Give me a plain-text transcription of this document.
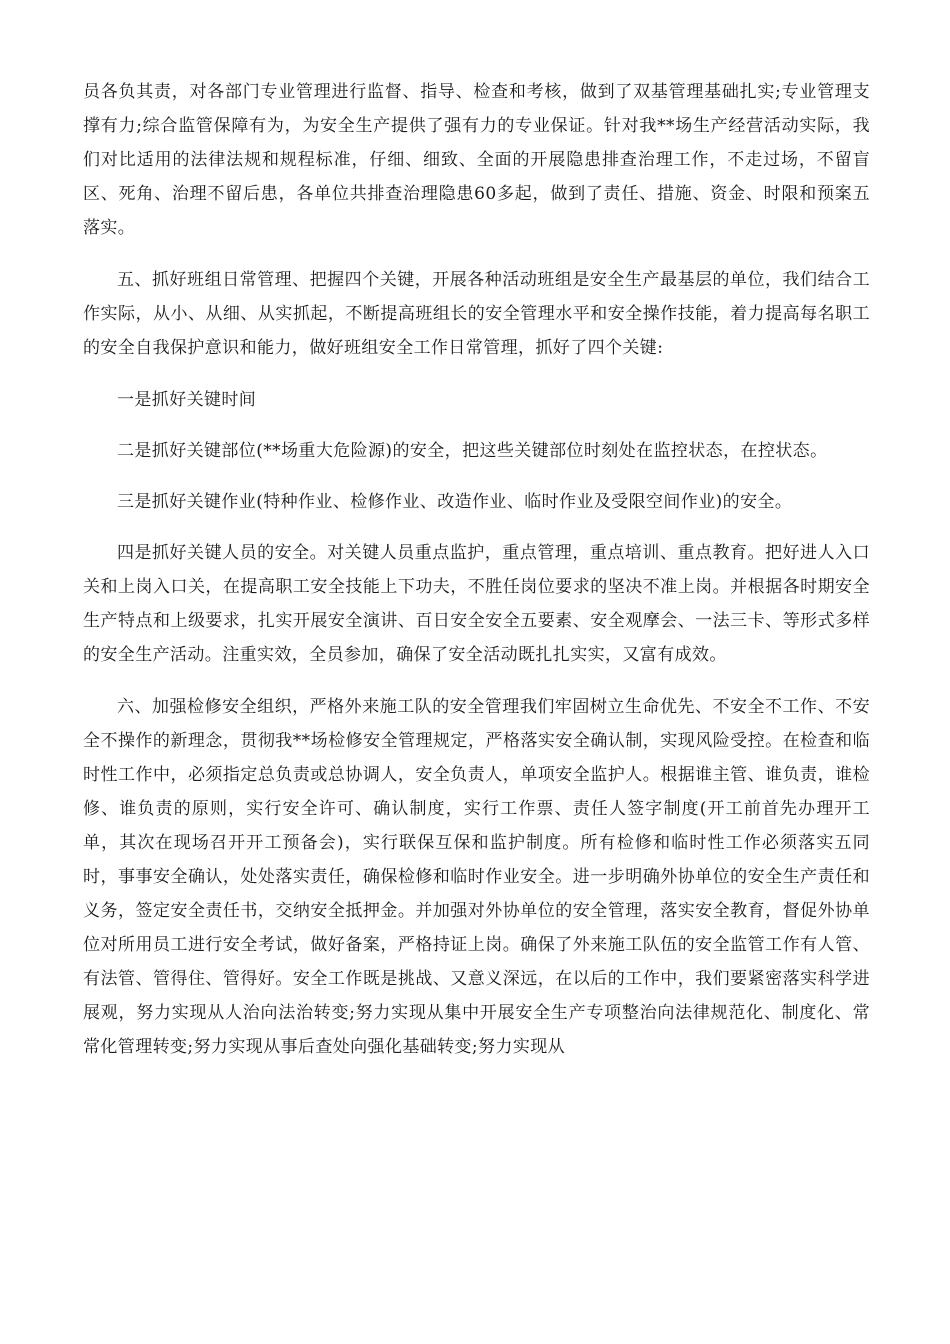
员各负其责，对各部门专业管理进行监督、指导、检查和考核，做到了双基管理基础扎实;专业管理支撑有力;综合监管保障有为，为安全生产提供了强有力的专业保证。针对我**场生产经营活动实际，我们对比适用的法律法规和规程标准，仔细、细致、全面的开展隐患排查治理工作，不走过场，不留盲区、死角、治理不留后患，各单位共排查治理隐患60多起，做到了责任、措施、资金、时限和预案五落实。

五、抓好班组日常管理、把握四个关键，开展各种活动班组是安全生产最基层的单位，我们结合工作实际，从小、从细、从实抓起，不断提高班组长的安全管理水平和安全操作技能，着力提高每名职工的安全自我保护意识和能力，做好班组安全工作日常管理，抓好了四个关键:

一是抓好关键时间

二是抓好关键部位(**场重大危险源)的安全，把这些关键部位时刻处在监控状态，在控状态。

三是抓好关键作业(特种作业、检修作业、改造作业、临时作业及受限空间作业)的安全。

四是抓好关键人员的安全。对关键人员重点监护，重点管理，重点培训、重点教育。把好进人入口关和上岗入口关，在提高职工安全技能上下功夫，不胜任岗位要求的坚决不准上岗。并根据各时期安全生产特点和上级要求，扎实开展安全演讲、百日安全安全五要素、安全观摩会、一法三卡、等形式多样的安全生产活动。注重实效，全员参加，确保了安全活动既扎扎实实，又富有成效。

六、加强检修安全组织，严格外来施工队的安全管理我们牢固树立生命优先、不安全不工作、不安全不操作的新理念，贯彻我**场检修安全管理规定，严格落实安全确认制，实现风险受控。在检查和临时性工作中，必须指定总负责或总协调人，安全负责人，单项安全监护人。根据谁主管、谁负责，谁检修、谁负责的原则，实行安全许可、确认制度，实行工作票、责任人签字制度(开工前首先办理开工单，其次在现场召开开工预备会)，实行联保互保和监护制度。所有检修和临时性工作必须落实五同时，事事安全确认，处处落实责任，确保检修和临时作业安全。进一步明确外协单位的安全生产责任和义务，签定安全责任书，交纳安全抵押金。并加强对外协单位的安全管理，落实安全教育，督促外协单位对所用员工进行安全考试，做好备案，严格持证上岗。确保了外来施工队伍的安全监管工作有人管、有法管、管得住、管得好。安全工作既是挑战、又意义深远，在以后的工作中，我们要紧密落实科学进展观，努力实现从人治向法治转变;努力实现从集中开展安全生产专项整治向法律规范化、制度化、常常化管理转变;努力实现从事后查处向强化基础转变;努力实现从
